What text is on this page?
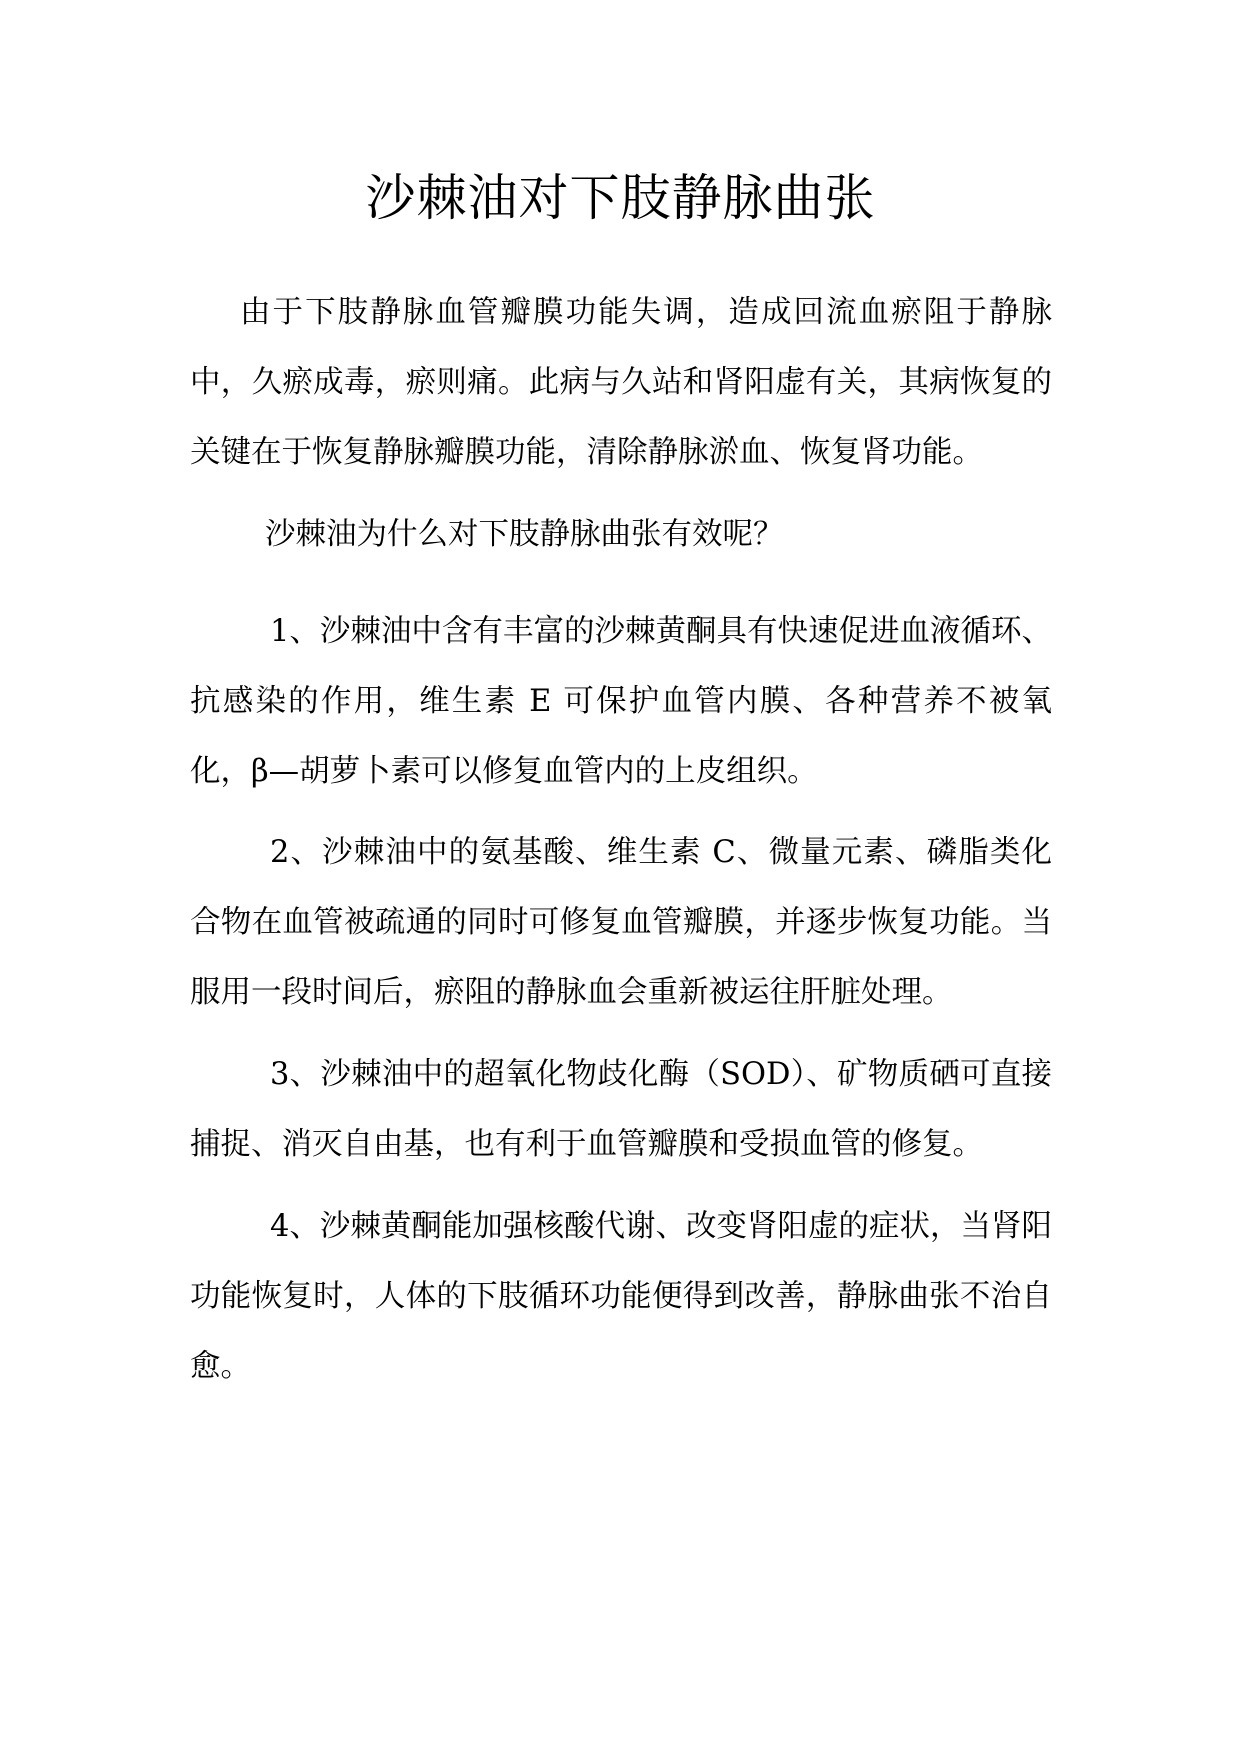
沙棘油对下肢静脉曲张

由于下肢静脉血管瓣膜功能失调，造成回流血瘀阻于静脉中，久瘀成毒，瘀则痛。此病与久站和肾阳虚有关，其病恢复的关键在于恢复静脉瓣膜功能，清除静脉淤血、恢复肾功能。

沙棘油为什么对下肢静脉曲张有效呢？

1、沙棘油中含有丰富的沙棘黄酮具有快速促进血液循环、抗感染的作用，维生素 E 可保护血管内膜、各种营养不被氧化，β—胡萝卜素可以修复血管内的上皮组织。

2、沙棘油中的氨基酸、维生素 C、微量元素、磷脂类化合物在血管被疏通的同时可修复血管瓣膜，并逐步恢复功能。当服用一段时间后，瘀阻的静脉血会重新被运往肝脏处理。

3、沙棘油中的超氧化物歧化酶（SOD）、矿物质硒可直接捕捉、消灭自由基，也有利于血管瓣膜和受损血管的修复。

4、沙棘黄酮能加强核酸代谢、改变肾阳虚的症状，当肾阳功能恢复时，人体的下肢循环功能便得到改善，静脉曲张不治自愈。
